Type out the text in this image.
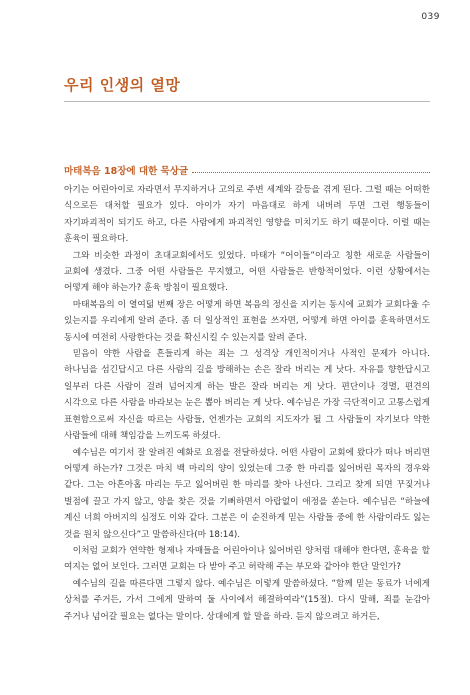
039
우리 인생의 열망
마태복음 18장에 대한 묵상글

아기는 어린아이로 자라면서 무지하거나 고의로 주변 세계와 갈등을 겪게 된다. 그럴 때는 어떠한 식으로든 대처할 필요가 있다. 아이가 자기 마음대로 하게 내버려 두면 그런 행동들이 자기파괴적이 되기도 하고, 다른 사람에게 파괴적인 영향을 미치기도 하기 때문이다. 이럴 때는 훈육이 필요하다.

그와 비슷한 과정이 초대교회에서도 있었다. 마태가 “어이들”이라고 칭한 새로운 사람들이 교회에 생겼다. 그중 어떤 사람들은 무지했고, 어떤 사람들은 반항적이었다. 이런 상황에서는 어떻게 해야 하는가? 훈육 방침이 필요했다.

마태복음의 이 열여덟 번째 장은 어떻게 하면 복음의 정신을 지키는 동시에 교회가 교회다울 수 있는지를 우리에게 알려 준다. 좀 더 일상적인 표현을 쓰자면, 어떻게 하면 아이를 훈육하면서도 동시에 여전히 사랑한다는 것을 확신시킬 수 있는지를 알려 준다.

믿음이 약한 사람을 흔들리게 하는 죄는 그 성격상 개인적이거나 사적인 문제가 아니다. 하나님을 섬긴답시고 다른 사람의 길을 방해하는 손은 잘라 버리는 게 낫다. 자유를 향한답시고 일부러 다른 사람이 걸려 넘어지게 하는 발은 잘라 버리는 게 낫다. 편단이나 경멸, 편견의 시각으로 다른 사람을 바라보는 눈은 뽑아 버리는 게 낫다. 예수님은 가장 극단적이고 고통스럽게 표현함으로써 자신을 따르는 사람들, 언젠가는 교회의 지도자가 될 그 사람들이 자기보다 약한 사람들에 대해 책임감을 느끼도록 하셨다.

예수님은 여기서 잘 알려진 예화로 요점을 전달하셨다. 어떤 사람이 교회에 왔다가 떠나 버리면 어떻게 하는가? 그것은 마치 백 마리의 양이 있었는데 그중 한 마리를 잃어버린 목자의 경우와 같다. 그는 아흔아홉 마리는 두고 잃어버린 한 마리를 찾아 나선다. 그리고 찾게 되면 꾸짖거나 벌점에 끌고 가지 않고, 양을 찾은 것을 기뻐하면서 아랍없이 애정을 쏟는다. 예수님은 “하늘에 계신 너희 아버지의 심정도 이와 같다. 그분은 이 순진하게 믿는 사람들 중에 한 사람이라도 잃는 것을 원치 않으신다”고 말씀하신다(마 18:14).

이처럼 교회가 연약한 형제나 자매들을 어린아이나 잃어버린 양처럼 대해야 한다면, 훈육을 할 여지는 없어 보인다. 그러면 교회는 다 받아 주고 허락해 주는 부모와 같아야 한단 말인가?

예수님의 길을 따른다면 그렇지 않다. 예수님은 이렇게 말씀하셨다. “함께 믿는 동료가 너에게 상처를 주거든, 가서 그에게 말하여 둘 사이에서 해결하여라”(15절). 다시 말해, 죄를 눈감아 주거나 넘어갈 필요는 없다는 말이다. 상대에게 할 말을 하라. 듣지 않으려고 하거든,
